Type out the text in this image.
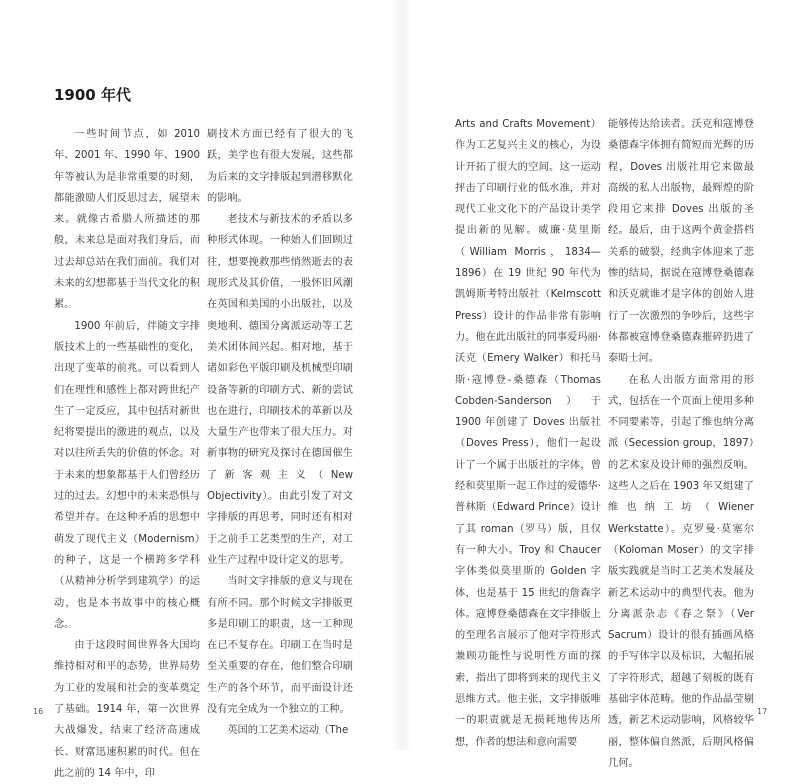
1900 年代

一些时间节点，如 2010 年、2001 年、1990 年、1900 年等被认为是非常重要的时刻，都能激励人们反思过去，展望未来。就像古希腊人所描述的那般，未来总是面对我们身后，而过去却总站在我们面前。我们对未来的幻想都基于当代文化的积累。

1900 年前后，伴随文字排版技术上的一些基础性的变化，出现了变革的前兆。可以看到人们在理性和感性上都对跨世纪产生了一定反应，其中包括对新世纪将要提出的激进的观点，以及对以往所丢失的价值的怀念。对于未来的想象都基于人们曾经历过的过去。幻想中的未来恐惧与希望并存。在这种矛盾的思想中萌发了现代主义（Modernism）的种子，这是一个横跨多学科（从精神分析学到建筑学）的运动，也是本书故事中的核心概念。

由于这段时间世界各大国均维持相对和平的态势，世界局势为工业的发展和社会的变革奠定了基础。1914 年，第一次世界大战爆发，结束了经济高速成长、财富迅速积累的时代。但在此之前的 14 年中，印

刷技术方面已经有了很大的飞跃，美学也有很大发展，这些都为后来的文字排版起到潜移默化的影响。

老技术与新技术的矛盾以多种形式体现。一种始人们回顾过往，想要挽救那些悄然逝去的表现形式及其价值，一股怀旧风潮在英国和美国的小出版社，以及奥地利、德国分离派运动等工艺美术团体间兴起。相对地，基于诸如彩色平版印刷及机械型印刷设备等新的印刷方式、新的尝试也在进行，印刷技术的革新以及大量生产也带来了很大压力。对新事物的研究及探讨在德国催生了新客观主义（New Objectivity）。由此引发了对文字排版的再思考，同时还有相对于之前手工艺类型的生产，对工业生产过程中设计定义的思考。

当时文字排版的意义与现在有所不同。那个时候文字排版更多是印刷工的职责，这一工种现在已不复存在。印刷工在当时是至关重要的存在，他们整合印刷生产的各个环节，而平面设计还没有完全成为一个独立的工种。

英国的工艺美术运动（The

Arts and Crafts Movement）作为工艺复兴主义的核心，为设计开拓了很大的空间。这一运动抨击了印刷行业的低水准，并对现代工业文化下的产品设计美学提出新的见解。威廉·莫里斯（William Morris，1834—1896）在 19 世纪 90 年代为凯姆斯考特出版社（Kelmscott Press）设计的作品非常有影响力。他在此出版社的同事爱玛丽·沃克（Emery Walker）和托马斯·寇博登-桑德森（Thomas Cobden-Sanderson）于 1900 年创建了 Doves 出版社（Doves Press），他们一起设计了一个属于出版社的字体，曾经和莫里斯一起工作过的爱德华·普林斯（Edward Prince）设计了其 roman（罗马）版，且仅有一种大小。Troy 和 Chaucer 字体类似莫里斯的 Golden 字体，也是基于 15 世纪的詹森字体。寇博登桑德森在文字排版上的至理名言展示了他对字符形式兼顾功能性与说明性方面的探索，指出了即将到来的现代主义思维方式。他主张，文字排版唯一的职责就是无损耗地传达所想，作者的想法和意向需要

能够传达给读者。沃克和寇博登桑德森字体拥有简短而光辉的历程，Doves 出版社用它来做最高级的私人出版物，最辉煌的阶段用它来排 Doves 出版的圣经。最后，由于这两个黄金搭档关系的破裂，经典字体迎来了悲惨的结局，据说在寇博登桑德森和沃克就谁才是字体的创始人进行了一次激烈的争吵后，这些字体都被寇博登桑德森摧碎扔进了泰晤士河。

在私人出版方面常用的形式，包括在一个页面上使用多种不同要素等，引起了维也纳分离派（Secession group，1897）的艺术家及设计师的强烈反响。这些人之后在 1903 年又组建了维也纳工坊（Wiener Werkstatte）。克罗曼·莫塞尔（Koloman Moser）的文字排版实践就是当时工艺美术发展及新艺术运动中的典型代表。他为分离派杂志《春之祭》（Ver Sacrum）设计的很有插画风格的手写体字以及标识，大幅拓展了字符形式，超越了刻板的既有基础字体范畴。他的作品晶莹剔透，新艺术运动影响，风格较华丽，整体偏自然派，后期风格偏几何。

16	17
